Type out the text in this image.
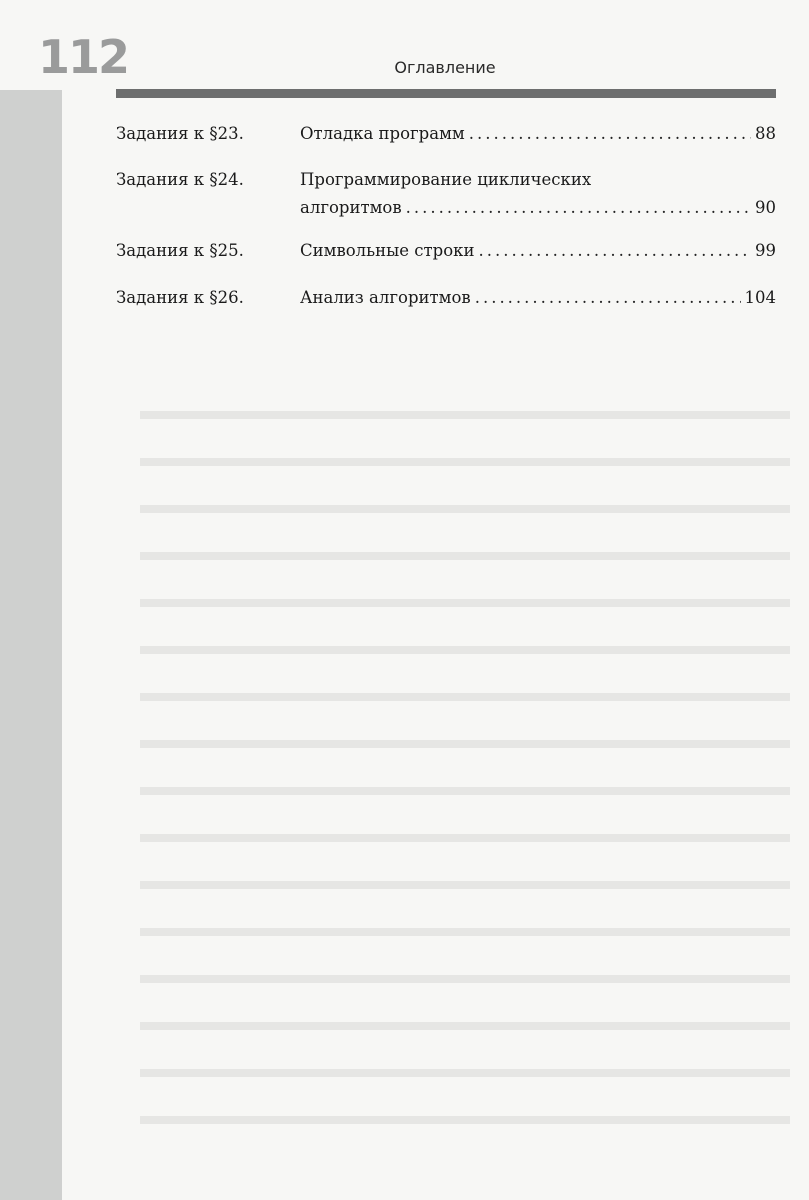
112	Оглавление
Задания к §23.	Отладка программ .....	88
Задания к §24.	Программирование циклических
алгоритмов .....	90
Задания к §25.	Символьные строки .....	99
Задания к §26.	Анализ алгоритмов .....	104
